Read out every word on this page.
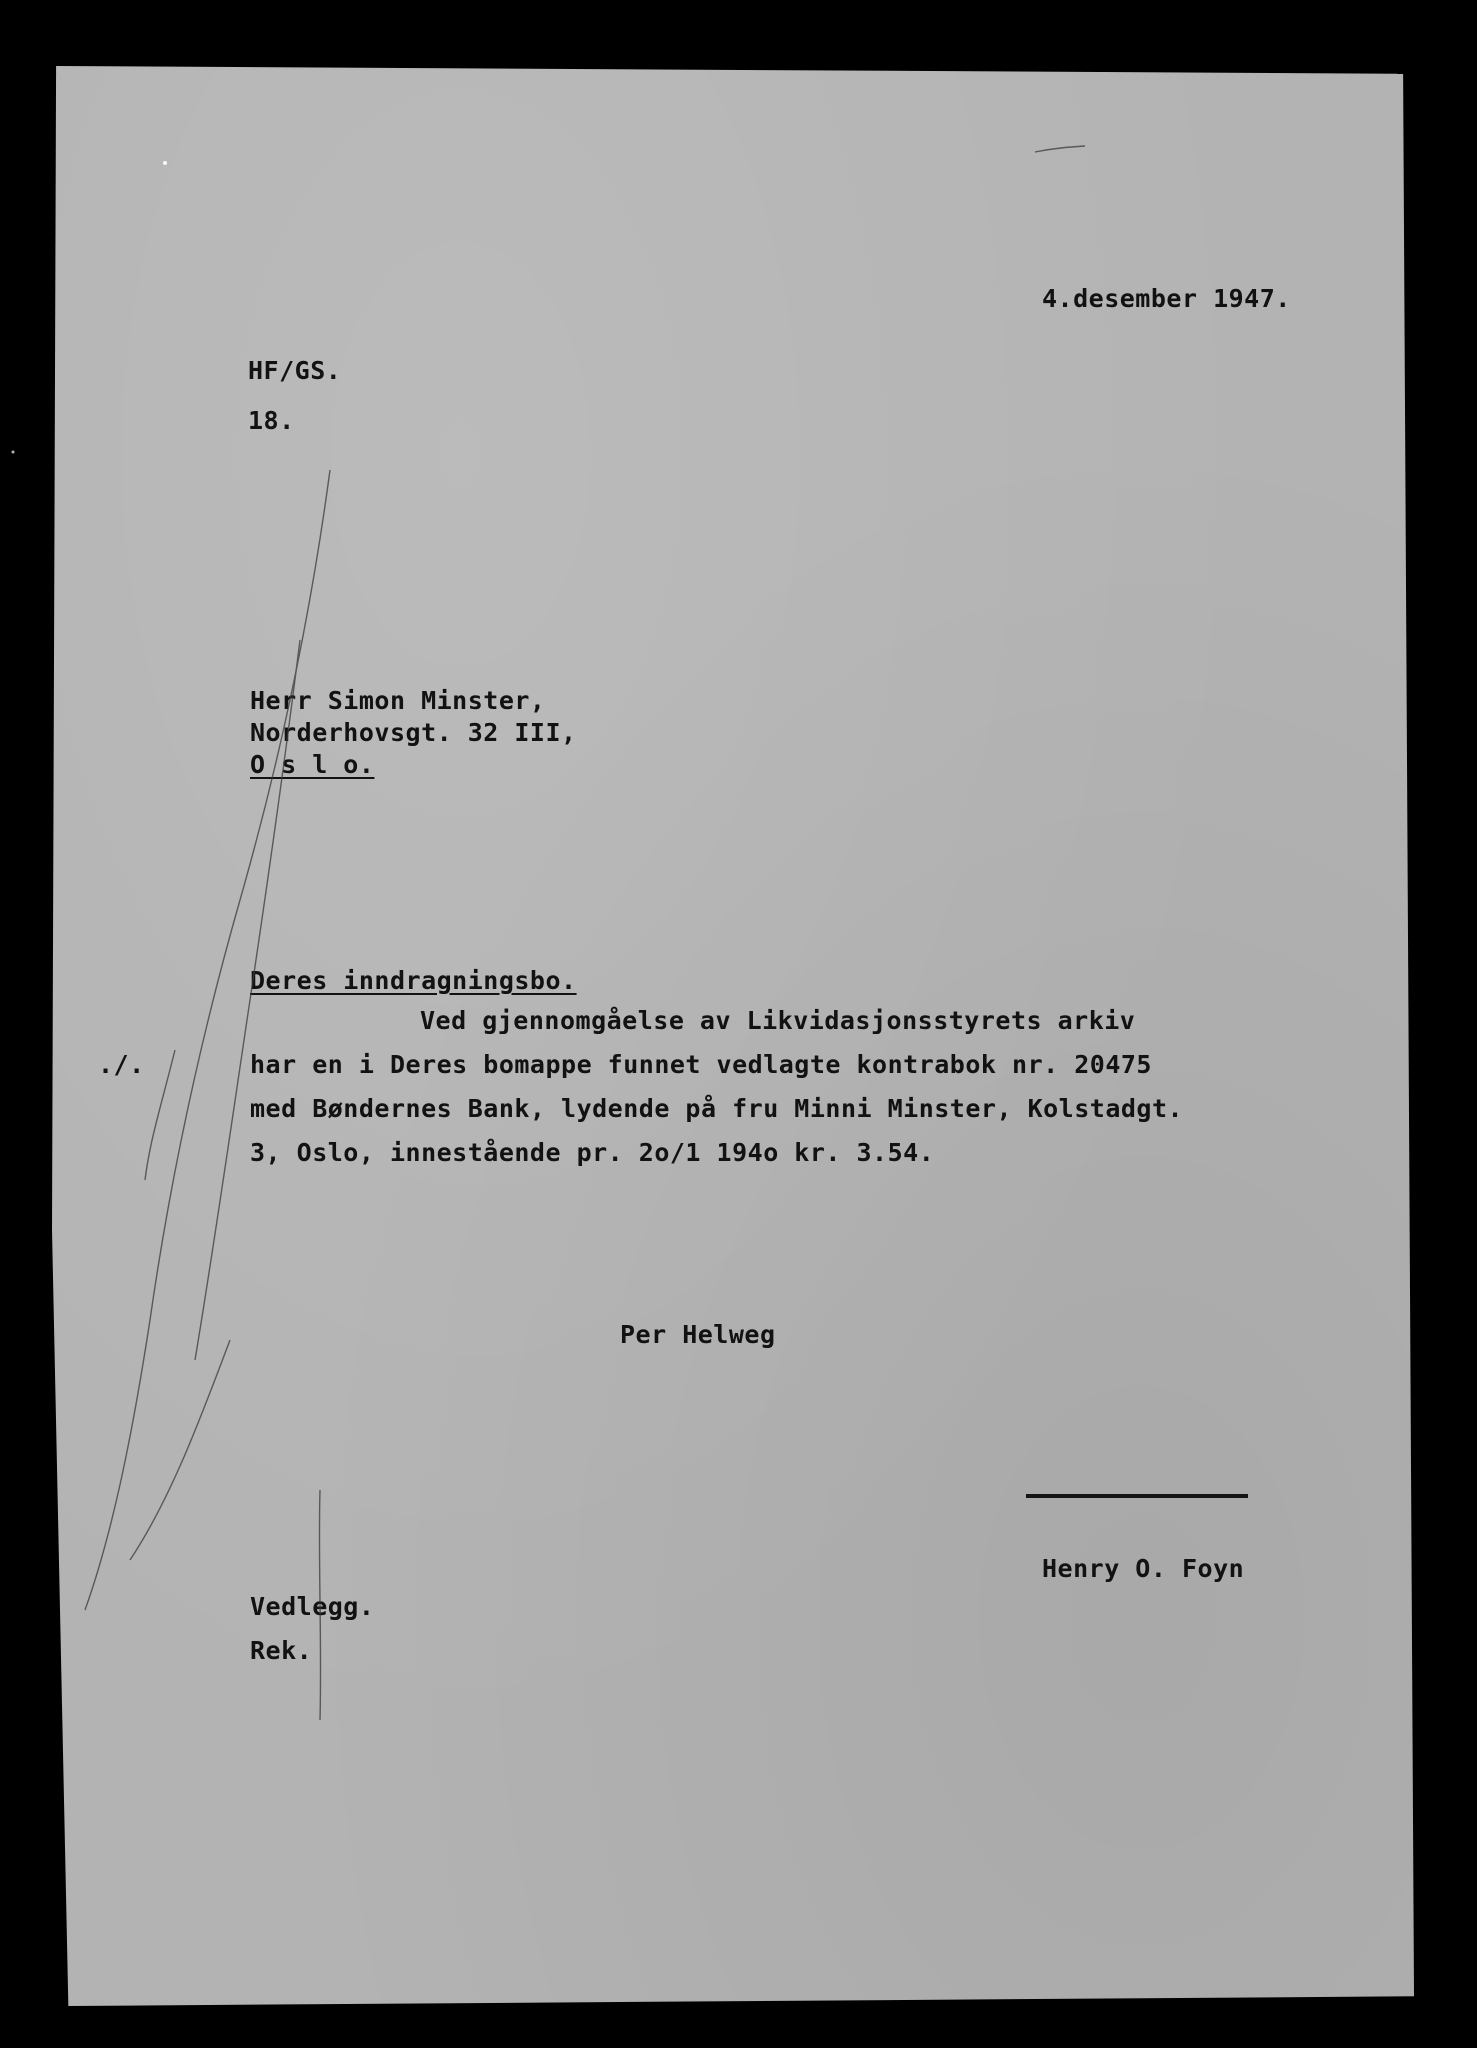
4.desember 1947.
HF/GS.
18.
Herr Simon Minster,
Norderhovsgt. 32 III,
O s l o.
Deres inndragningsbo.
Ved gjennomgåelse av Likvidasjonsstyrets arkiv
./.	har en i Deres bomappe funnet vedlagte kontrabok nr. 20475
med Bøndernes Bank, lydende på fru Minni Minster, Kolstadgt.
3, Oslo, innestående pr. 2o/1 194o kr. 3.54.
Per Helweg
Henry O. Foyn
Vedlegg.
Rek.
